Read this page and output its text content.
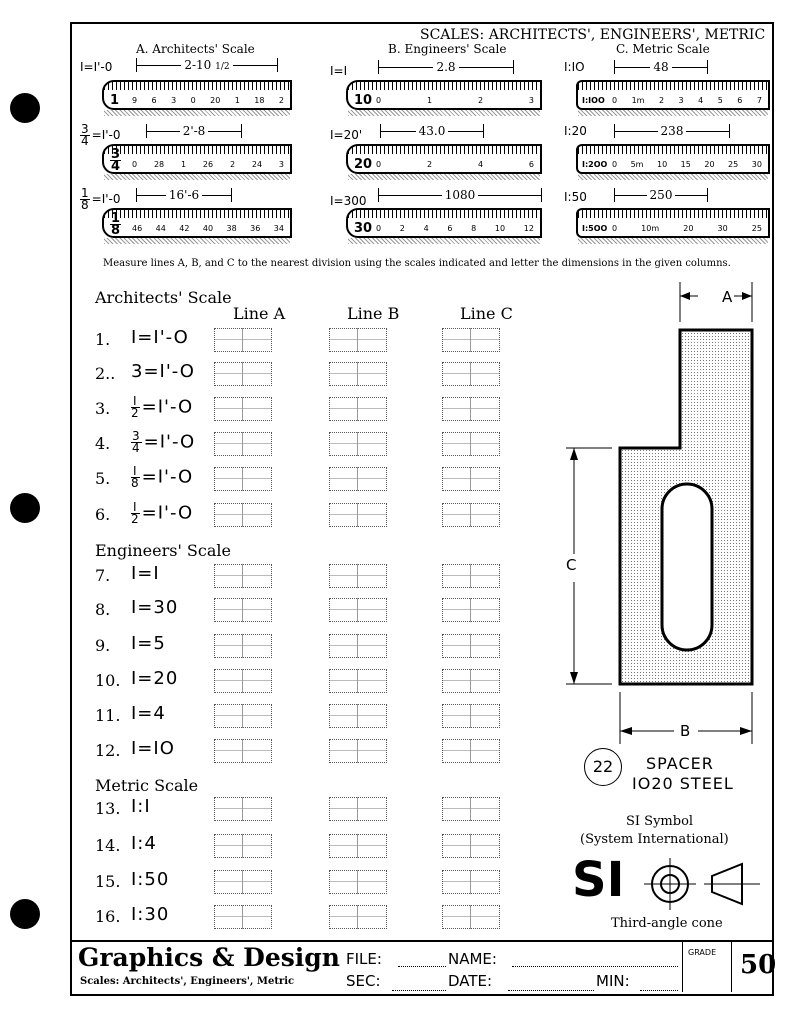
SCALES: ARCHITECTS', ENGINEERS', METRIC
A. Architects' Scale	B. Engineers' Scale	C. Metric Scale
I=I'-0	2-10 1/2
1 9 6 3 0 20 1 18 2
$\frac{3}{4} =I'-0$	2'-8
$\frac{3}{4} 0$ 28 1 26 2 24 3
$\frac{1}{8} =I'-0$	16'-6
$\frac{1}{8} 46$ 44 42 40 38 36 34
I=I	2.8
10 0	1	2	3
I=20'	43.0
20 0	2	4	6
I=300	1080
30 0 2 4 6 8 10 12
I:IO	48
I:IOO 0 1m 2 3 4 5 6 7
I:20	238
I:2OO 0 5m 10 15 20 25 30
I:50	250
I:5OO 0	10m	20	30	25
Measure lines A, B, and C to the nearest division using the scales indicated and letter the dimensions in the given columns.
Architects' Scale
Line A	Line B	Line C
Engineers' Scale
Metric Scale
1. I=I'-O
2.. 3=I'-O
3. $\frac{I}{2} =I'-O$
4. $\frac{3}{4} =I'-O$
5. $\frac{I}{8} =I'-O$
6. $\frac{I}{2} =I'-O$
7. I=I
8. I=30
9. I=5
10. I=20
11. I=4
12. I=IO
13. I:I
14. I:4
15. I:50
16. I:30
A
C
B
22	SPACER
IO20 STEEL
SI Symbol
(System International)
SI
Third-angle cone
Graphics & Design
Scales: Architects', Engineers', Metric
FILE:	NAME:
SEC:	DATE:	MIN:
GRADE 50
